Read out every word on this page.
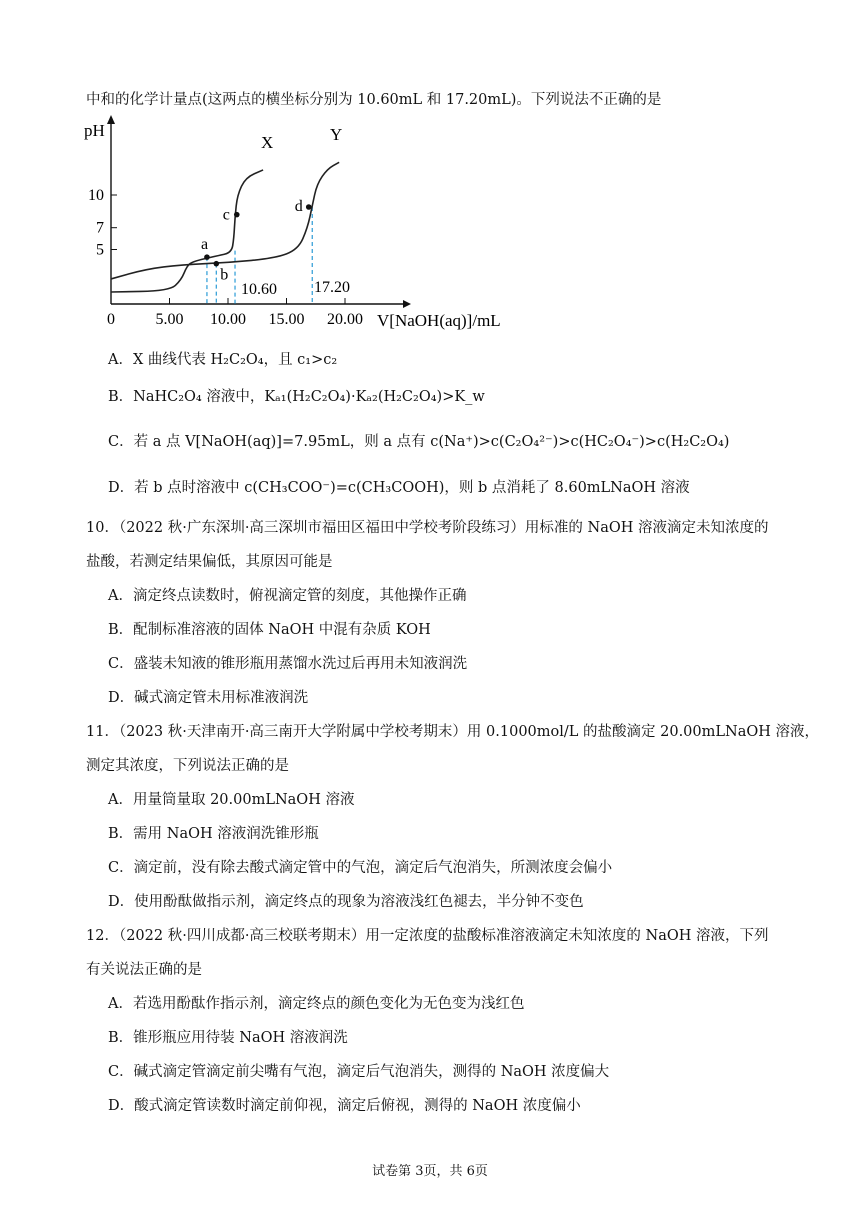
中和的化学计量点(这两点的横坐标分别为 10.60mL 和 17.20mL)。下列说法不正确的是
pH
V[NaOH(aq)]/mL
0	5.00 10.00 15.00 20.00
5
7
10
a
b
c
d
10.60 17.20
X	Y
A．X 曲线代表 H₂C₂O₄，且 c₁>c₂
B．NaHC₂O₄ 溶液中，Kₐ₁(H₂C₂O₄)·Kₐ₂(H₂C₂O₄)>K_w
C．若 a 点 V[NaOH(aq)]=7.95mL，则 a 点有 c(Na⁺)>c(C₂O₄²⁻)>c(HC₂O₄⁻)>c(H₂C₂O₄)
D．若 b 点时溶液中 c(CH₃COO⁻)=c(CH₃COOH)，则 b 点消耗了 8.60mLNaOH 溶液
10．（2022 秋·广东深圳·高三深圳市福田区福田中学校考阶段练习）用标准的 NaOH 溶液滴定未知浓度的
盐酸，若测定结果偏低，其原因可能是
A．滴定终点读数时，俯视滴定管的刻度，其他操作正确
B．配制标准溶液的固体 NaOH 中混有杂质 KOH
C．盛装未知液的锥形瓶用蒸馏水洗过后再用未知液润洗
D．碱式滴定管未用标准液润洗
11．（2023 秋·天津南开·高三南开大学附属中学校考期末）用 0.1000mol/L 的盐酸滴定 20.00mLNaOH 溶液，
测定其浓度，下列说法正确的是
A．用量筒量取 20.00mLNaOH 溶液
B．需用 NaOH 溶液润洗锥形瓶
C．滴定前，没有除去酸式滴定管中的气泡，滴定后气泡消失，所测浓度会偏小
D．使用酚酞做指示剂，滴定终点的现象为溶液浅红色褪去，半分钟不变色
12．（2022 秋·四川成都·高三校联考期末）用一定浓度的盐酸标准溶液滴定未知浓度的 NaOH 溶液，下列
有关说法正确的是
A．若选用酚酞作指示剂，滴定终点的颜色变化为无色变为浅红色
B．锥形瓶应用待装 NaOH 溶液润洗
C．碱式滴定管滴定前尖嘴有气泡，滴定后气泡消失，测得的 NaOH 浓度偏大
D．酸式滴定管读数时滴定前仰视，滴定后俯视，测得的 NaOH 浓度偏小
试卷第 3页，共 6页
